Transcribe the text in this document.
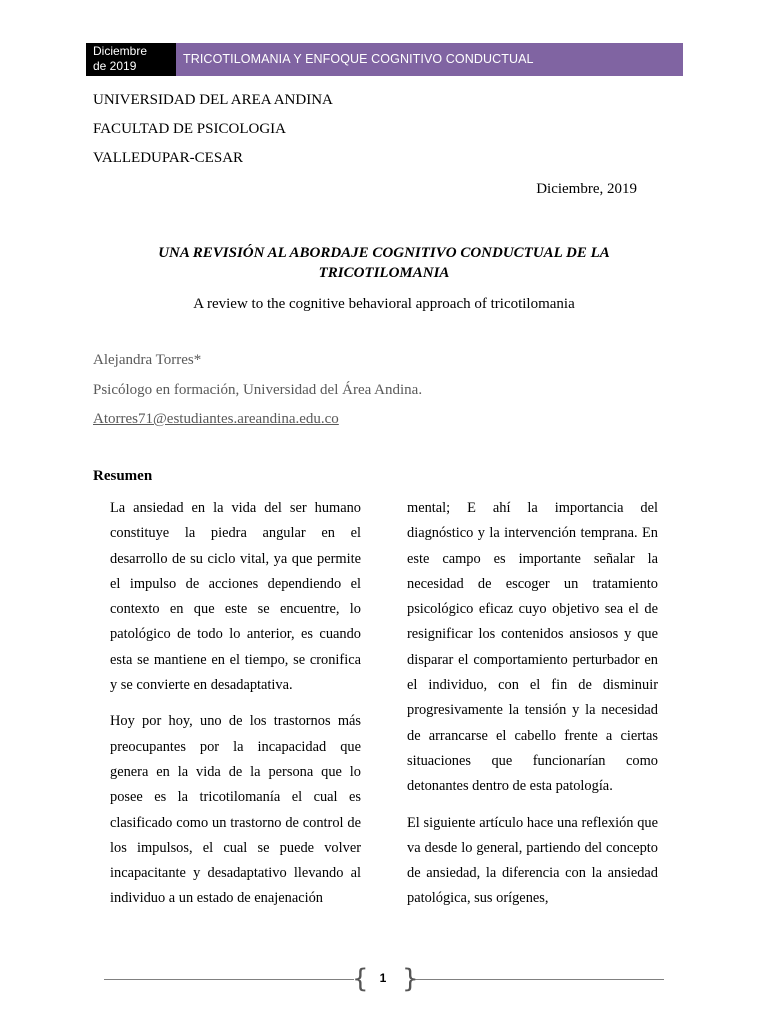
Diciembre
de 2019	TRICOTILOMANIA Y ENFOQUE COGNITIVO CONDUCTUAL
UNIVERSIDAD DEL AREA ANDINA
FACULTAD DE PSICOLOGIA
VALLEDUPAR-CESAR
Diciembre, 2019
UNA REVISIÓN AL ABORDAJE COGNITIVO CONDUCTUAL DE LA
TRICOTILOMANIA
A review to the cognitive behavioral approach of tricotilomania
Alejandra Torres*
Psicólogo en formación, Universidad del Área Andina.
Atorres71@estudiantes.areandina.edu.co
Resumen

La ansiedad en la vida del ser humano constituye la piedra angular en el desarrollo de su ciclo vital, ya que permite el impulso de acciones dependiendo el contexto en que este se encuentre, lo patológico de todo lo anterior, es cuando esta se mantiene en el tiempo, se cronifica y se convierte en desadaptativa.

Hoy por hoy, uno de los trastornos más preocupantes por la incapacidad que genera en la vida de la persona que lo posee es la tricotilomanía el cual es clasificado como un trastorno de control de los impulsos, el cual se puede volver incapacitante y desadaptativo llevando al individuo a un estado de enajenación

mental; E ahí la importancia del diagnóstico y la intervención temprana. En este campo es importante señalar la necesidad de escoger un tratamiento psicológico eficaz cuyo objetivo sea el de resignificar los contenidos ansiosos y que disparar el comportamiento perturbador en el individuo, con el fin de disminuir progresivamente la tensión y la necesidad de arrancarse el cabello frente a ciertas situaciones que funcionarían como detonantes dentro de esta patología.

El siguiente artículo hace una reflexión que va desde lo general, partiendo del concepto de ansiedad, la diferencia con la ansiedad patológica, sus orígenes,

{ }
1
